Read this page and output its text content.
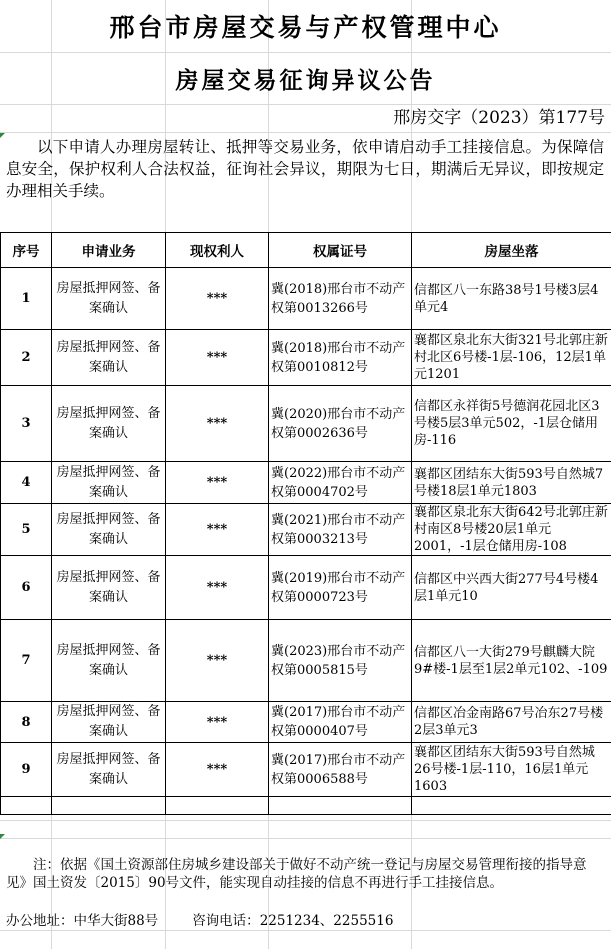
邢台市房屋交易与产权管理中心
房屋交易征询异议公告
邢房交字（2023）第177号
以下申请人办理房屋转让、抵押等交易业务，依申请启动手工挂接信息。为保障信息安全，保护权利人合法权益，征询社会异议，期限为七日，期满后无异议，即按规定办理相关手续。
序号	申请业务	现权利人	权属证号	房屋坐落
1	房屋抵押网签、备案确认	***	冀(2018)邢台市不动产权第0013266号	信都区八一东路38号1号楼3层4单元4
2	房屋抵押网签、备案确认	***	冀(2018)邢台市不动产权第0010812号	襄都区泉北东大街321号北郭庄新村北区6号楼-1层-106，12层1单元1201
3	房屋抵押网签、备案确认	***	冀(2020)邢台市不动产权第0002636号	信都区永祥街5号德润花园北区3号楼5层3单元502，-1层仓储用房-116
4	房屋抵押网签、备案确认	***	冀(2022)邢台市不动产权第0004702号	襄都区团结东大街593号自然城7号楼18层1单元1803
5	房屋抵押网签、备案确认	***	冀(2021)邢台市不动产权第0003213号	襄都区泉北东大街642号北郭庄新村南区8号楼20层1单元2001，-1层仓储用房-108
6	房屋抵押网签、备案确认	***	冀(2019)邢台市不动产权第0000723号	信都区中兴西大街277号4号楼4层1单元10
7	房屋抵押网签、备案确认	***	冀(2023)邢台市不动产权第0005815号	信都区八一大街279号麒麟大院9#楼-1层至1层2单元102、-109
8	房屋抵押网签、备案确认	***	冀(2017)邢台市不动产权第0000407号	信都区冶金南路67号冶东27号楼2层3单元3
9	房屋抵押网签、备案确认	***	冀(2017)邢台市不动产权第0006588号	襄都区团结东大街593号自然城26号楼-1层-110，16层1单元1603

注：依据《国土资源部住房城乡建设部关于做好不动产统一登记与房屋交易管理衔接的指导意见》国土资发〔2015〕90号文件，能实现自动挂接的信息不再进行手工挂接信息。
办公地址：中华大街88号	咨询电话：2251234、2255516
